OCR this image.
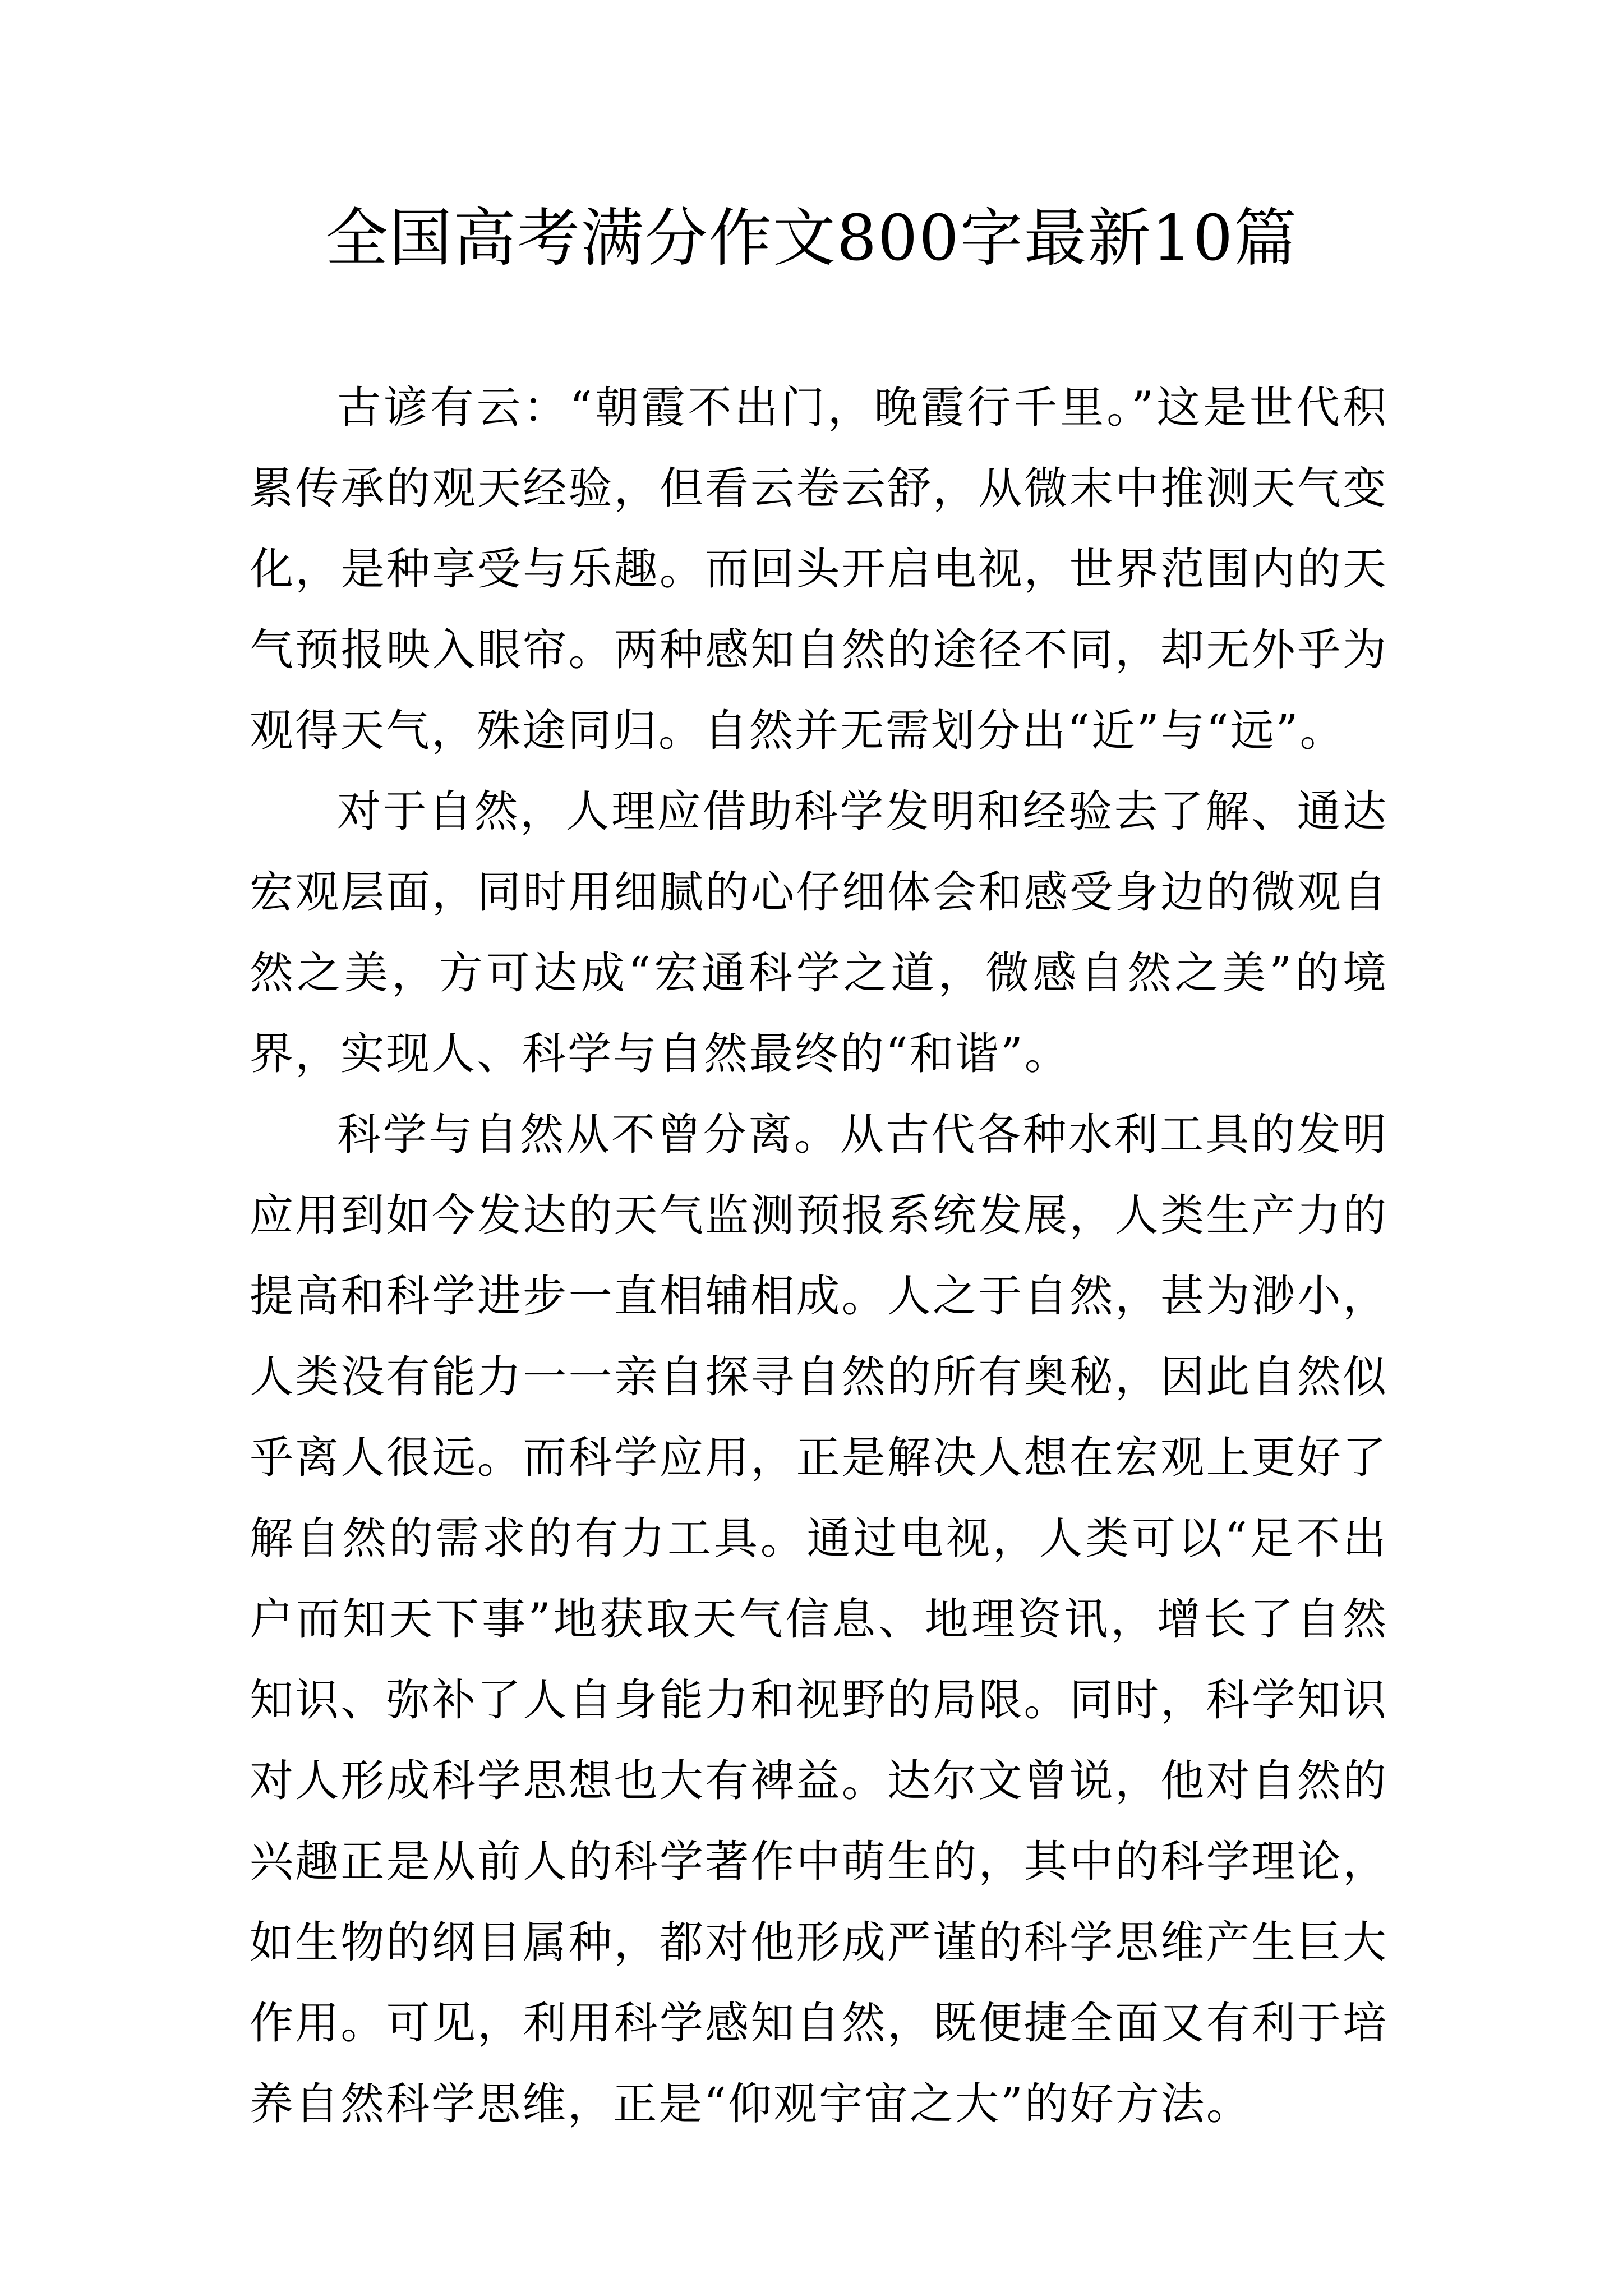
全国高考满分作文800字最新10篇

古谚有云：“朝霞不出门，晚霞行千里。”这是世代积累传承的观天经验，但看云卷云舒，从微末中推测天气变化，是种享受与乐趣。而回头开启电视，世界范围内的天气预报映入眼帘。两种感知自然的途径不同，却无外乎为观得天气，殊途同归。自然并无需划分出“近”与“远”。

对于自然，人理应借助科学发明和经验去了解、通达宏观层面，同时用细腻的心仔细体会和感受身边的微观自然之美，方可达成“宏通科学之道，微感自然之美”的境界，实现人、科学与自然最终的“和谐”。

科学与自然从不曾分离。从古代各种水利工具的发明应用到如今发达的天气监测预报系统发展，人类生产力的提高和科学进步一直相辅相成。人之于自然，甚为渺小，人类没有能力一一亲自探寻自然的所有奥秘，因此自然似乎离人很远。而科学应用，正是解决人想在宏观上更好了解自然的需求的有力工具。通过电视，人类可以“足不出户而知天下事”地获取天气信息、地理资讯，增长了自然知识、弥补了人自身能力和视野的局限。同时，科学知识对人形成科学思想也大有裨益。达尔文曾说，他对自然的兴趣正是从前人的科学著作中萌生的，其中的科学理论，如生物的纲目属种，都对他形成严谨的科学思维产生巨大作用。可见，利用科学感知自然，既便捷全面又有利于培养自然科学思维，正是“仰观宇宙之大”的好方法。
